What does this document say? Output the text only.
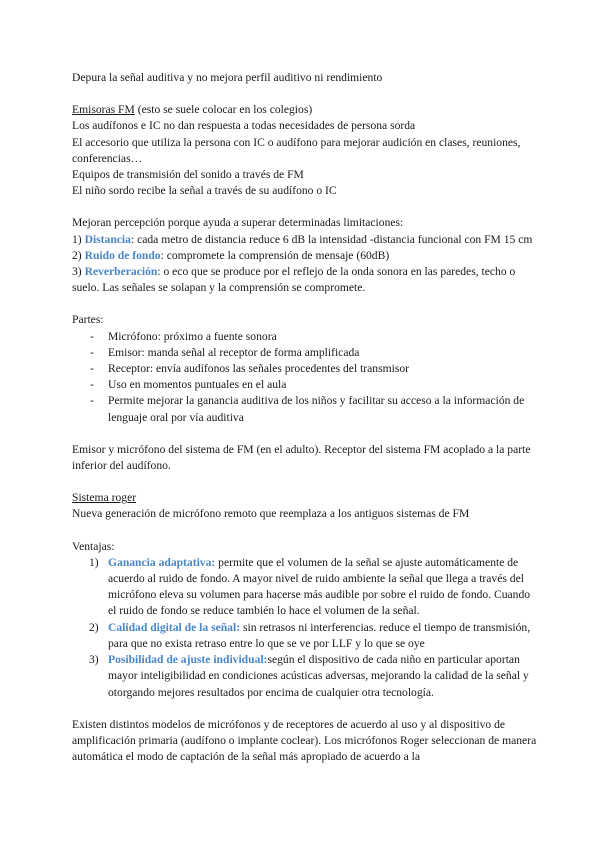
Depura la señal auditiva y no mejora perfil auditivo ni rendimiento

Emisoras FM (esto se suele colocar en los colegios)

Los audífonos e IC no dan respuesta a todas necesidades de persona sorda

El accesorio que utiliza la persona con IC o audífono para mejorar audición en clases, reuniones, conferencias…

Equipos de transmisión del sonido a través de FM

El niño sordo recibe la señal a través de su audífono o IC

Mejoran percepción porque ayuda a superar determinadas limitaciones:

1) Distancia: cada metro de distancia reduce 6 dB la intensidad -distancia funcional con FM 15 cm

2) Ruido de fondo: compromete la comprensión de mensaje (60dB)

3) Reverberación: o eco que se produce por el reflejo de la onda sonora en las paredes, techo o suelo. Las señales se solapan y la comprensión se compromete.

Partes:

- Micrófono: próximo a fuente sonora
- Emisor: manda señal al receptor de forma amplificada
- Receptor: envía audífonos las señales procedentes del transmisor
- Uso en momentos puntuales en el aula
- Permite mejorar la ganancia auditiva de los niños y facilitar su acceso a la información de lenguaje oral por vía auditiva

Emisor y micrófono del sistema de FM (en el adulto). Receptor del sistema FM acoplado a la parte inferior del audífono.

Sistema roger

Nueva generación de micrófono remoto que reemplaza a los antiguos sistemas de FM

Ventajas:

1) Ganancia adaptativa: permite que el volumen de la señal se ajuste automáticamente de acuerdo al ruido de fondo. A mayor nivel de ruido ambiente la señal que llega a través del micrófono eleva su volumen para hacerse más audible por sobre el ruido de fondo. Cuando el ruido de fondo se reduce también lo hace el volumen de la señal.
2) Calidad digital de la señal: sin retrasos ni interferencias. reduce el tiempo de transmisión, para que no exista retraso entre lo que se ve por LLF y lo que se oye
3) Posibilidad de ajuste individual:según el dispositivo de cada niño en particular aportan mayor inteligibilidad en condiciones acústicas adversas, mejorando la calidad de la señal y otorgando mejores resultados por encima de cualquier otra tecnología.

Existen distintos modelos de micrófonos y de receptores de acuerdo al uso y al dispositivo de amplificación primaria (audífono o implante coclear). Los micrófonos Roger seleccionan de manera automática el modo de captación de la señal más apropiado de acuerdo a la
